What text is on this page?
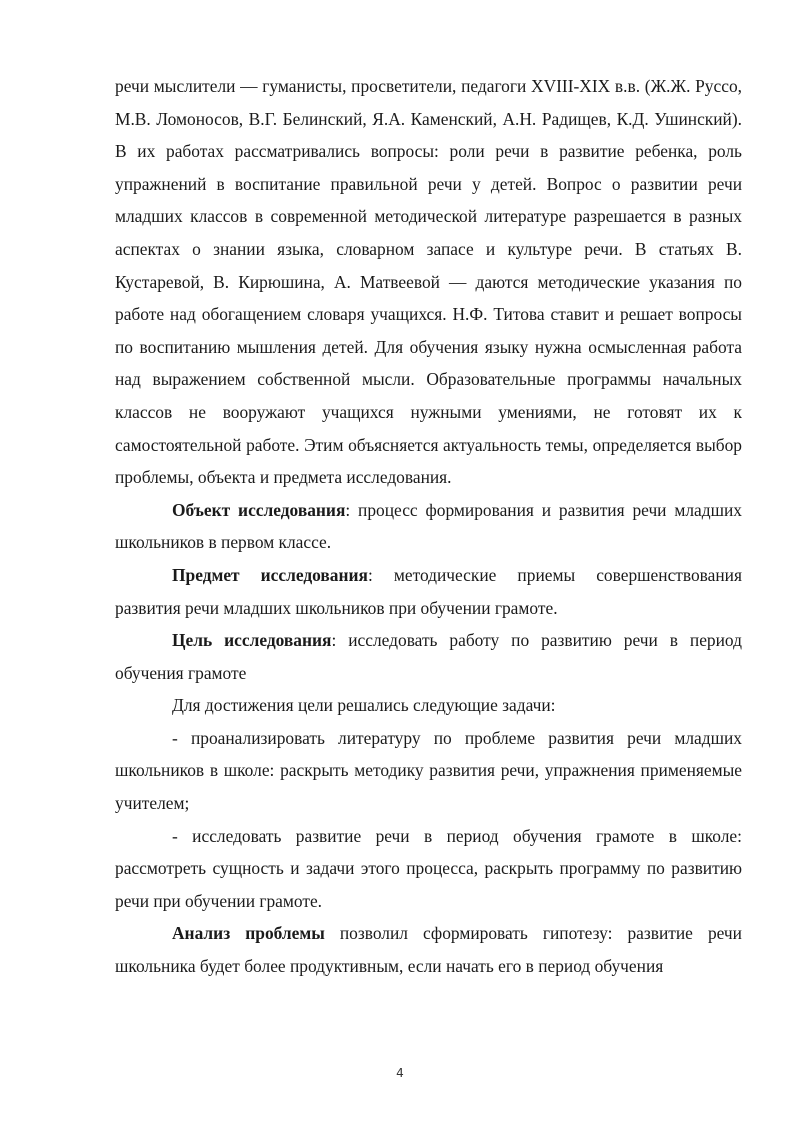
речи мыслители — гуманисты, просветители, педагоги XVIII-XIX в.в. (Ж.Ж. Руссо, М.В. Ломоносов, В.Г. Белинский, Я.А. Каменский, А.Н. Радищев, К.Д. Ушинский). В их работах рассматривались вопросы: роли речи в развитие ребенка, роль упражнений в воспитание правильной речи у детей. Вопрос о развитии речи младших классов в современной методической литературе разрешается в разных аспектах о знании языка, словарном запасе и культуре речи. В статьях В. Кустаревой, В. Кирюшина, А. Матвеевой — даются методические указания по работе над обогащением словаря учащихся. Н.Ф. Титова ставит и решает вопросы по воспитанию мышления детей. Для обучения языку нужна осмысленная работа над выражением собственной мысли. Образовательные программы начальных классов не вооружают учащихся нужными умениями, не готовят их к самостоятельной работе. Этим объясняется актуальность темы, определяется выбор проблемы, объекта и предмета исследования.

Объект исследования: процесс формирования и развития речи младших школьников в первом классе.

Предмет исследования: методические приемы совершенствования развития речи младших школьников при обучении грамоте.

Цель исследования: исследовать работу по развитию речи в период обучения грамоте

Для достижения цели решались следующие задачи:

- проанализировать литературу по проблеме развития речи младших школьников в школе: раскрыть методику развития речи, упражнения применяемые учителем;

- исследовать развитие речи в период обучения грамоте в школе: рассмотреть сущность и задачи этого процесса, раскрыть программу по развитию речи при обучении грамоте.

Анализ проблемы позволил сформировать гипотезу: развитие речи школьника будет более продуктивным, если начать его в период обучения

4
